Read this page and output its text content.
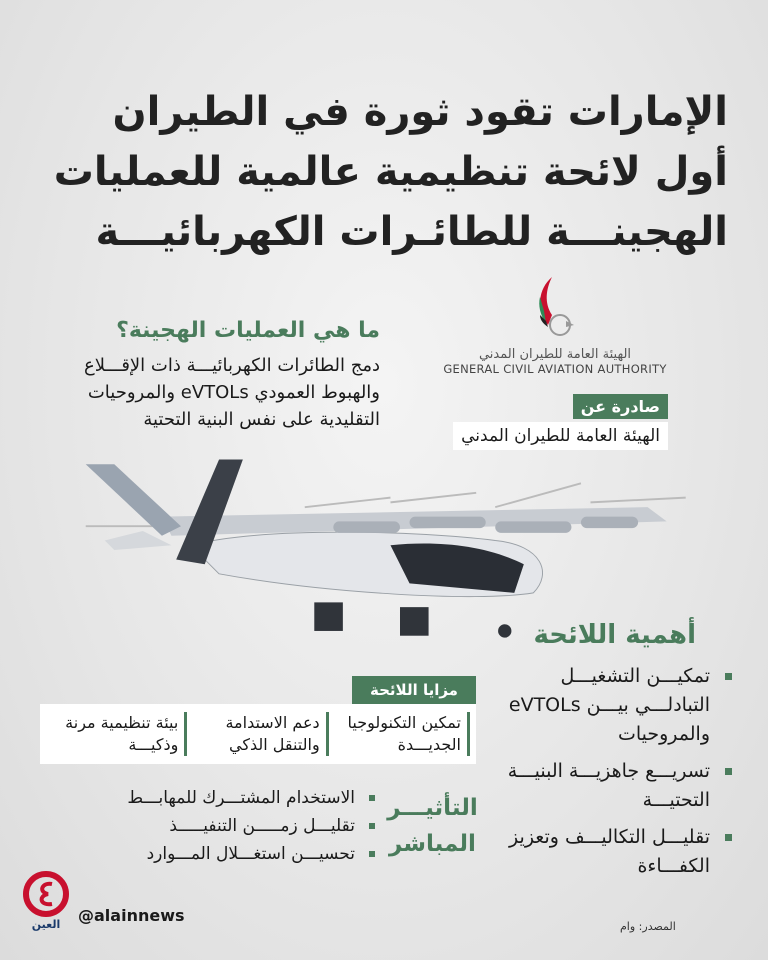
الإمارات تقود ثورة في الطيران
أول لائحة تنظيمية عالمية للعمليات
الهجينـــة للطائـرات الكهربائيـــة
ما هي العمليات الهجينة؟
دمج الطائرات الكهربائيـــة ذات الإقـــلاع والهبوط العمودي eVTOLs والمروحيات التقليدية على نفس البنية التحتية
الهيئة العامة للطيران المدني
GENERAL CIVIL AVIATION AUTHORITY
صادرة عن
الهيئة العامة للطيران المدني
أهمية اللائحة
تمكيـــن التشغيـــل التبادلـــي بيـــن eVTOLs والمروحيات
تسريـــع جاهزيـــة البنيـــة التحتيـــة
تقليـــل التكاليـــف وتعزيز الكفـــاءة
مزايا اللائحة
تمكين التكنولوجيا الجديـــدة
دعم الاستدامة والتنقل الذكي
بيئة تنظيمية مرنة وذكيـــة
التأثيـــر المباشر
الاستخدام المشتـــرك للمهابـــط
تقليـــل زمـــــن التنفيـــــذ
تحسيـــن استغـــلال المـــوارد
العين @alainnews
المصدر: وام
